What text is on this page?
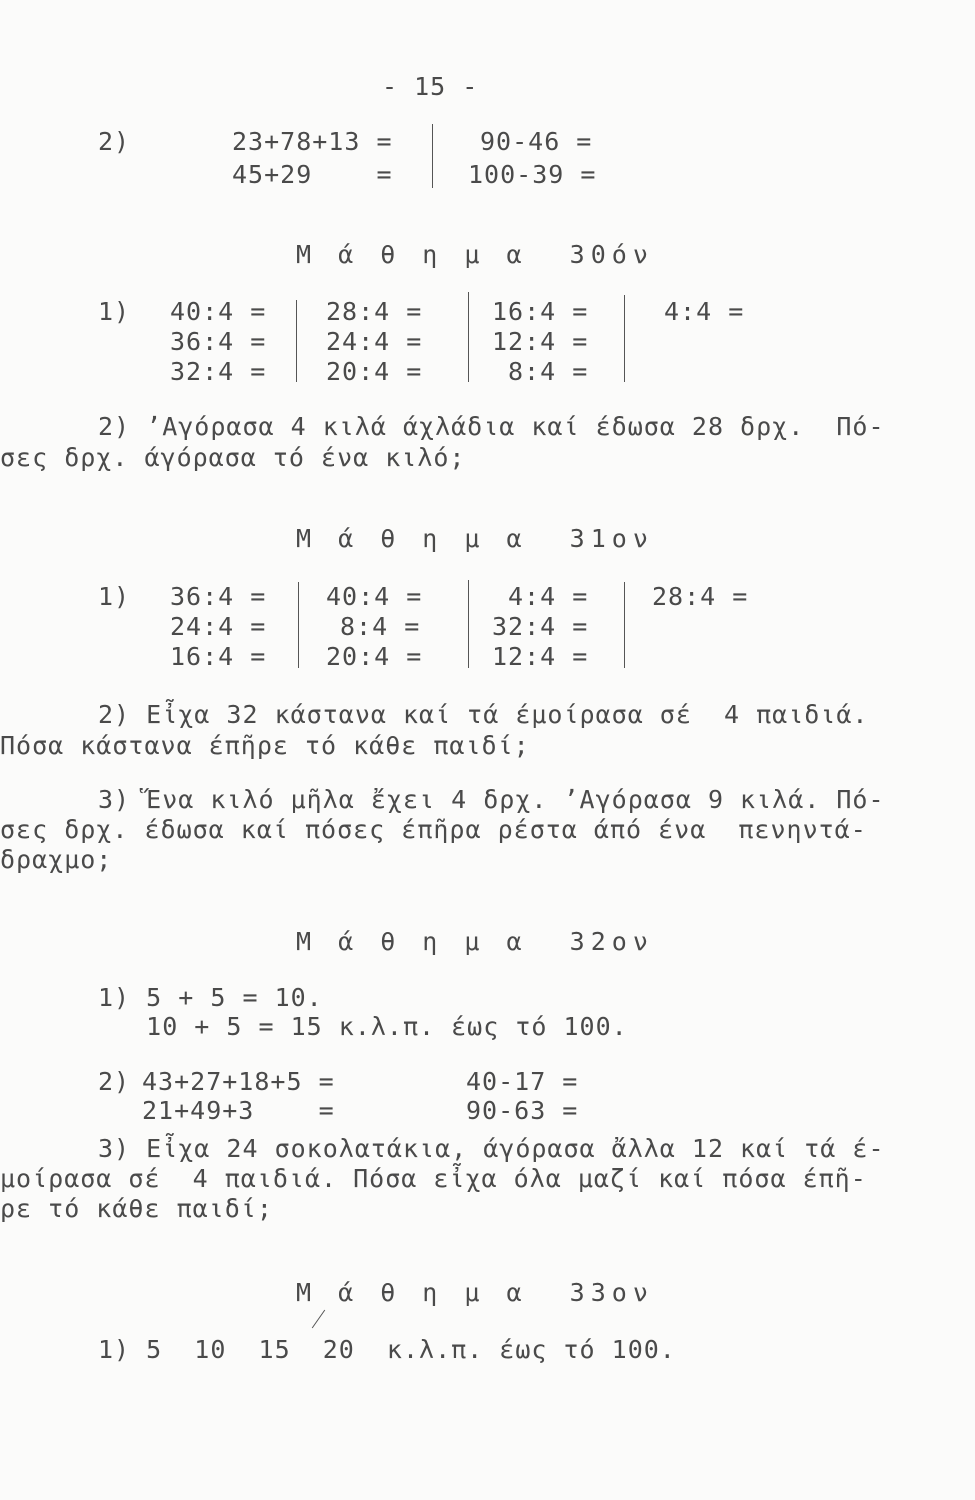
- 15 -
2)	23+78+13 =
45+29    =
90-46 =
100-39 =
Μ ά θ η μ α  30όν
1) 40:4 =
36:4 =
32:4 =
28:4 =
24:4 =
20:4 =
16:4 =
12:4 =
8:4 =
4:4 =
2) ʼΑγόρασα 4 κιλά άχλάδια καί έδωσα 28 δρχ.  Πό-
σες δρχ. άγόρασα τό ένα κιλό;
Μ ά θ η μ α  31ον
1) 36:4 =
24:4 =
16:4 =
40:4 =
8:4 =
20:4 =
4:4 =
32:4 =
12:4 =
28:4 =
2) Εἶχα 32 κάστανα καί τά έμοίρασα σέ  4 παιδιά.
Πόσα κάστανα έπῆρε τό κάθε παιδί;
3) Ἕνα κιλό μῆλα ἔχει 4 δρχ. ʼΑγόρασα 9 κιλά. Πό-
σες δρχ. έδωσα καί πόσες έπῆρα ρέστα άπό ένα  πενηντά-
δραχμο;
Μ ά θ η μ α  32ον
1) 5 + 5 = 10.
10 + 5 = 15 κ.λ.π. έως τό 100.
2) 43+27+18+5 =
21+49+3    =
40-17 =
90-63 =
3) Εἶχα 24 σοκολατάκια, άγόρασα ἄλλα 12 καί τά έ-
μοίρασα σέ  4 παιδιά. Πόσα εἶχα όλα μαζί καί πόσα έπῆ-
ρε τό κάθε παιδί;
Μ ά θ η μ α  33ον
1) 5  10  15  20  κ.λ.π. έως τό 100.
